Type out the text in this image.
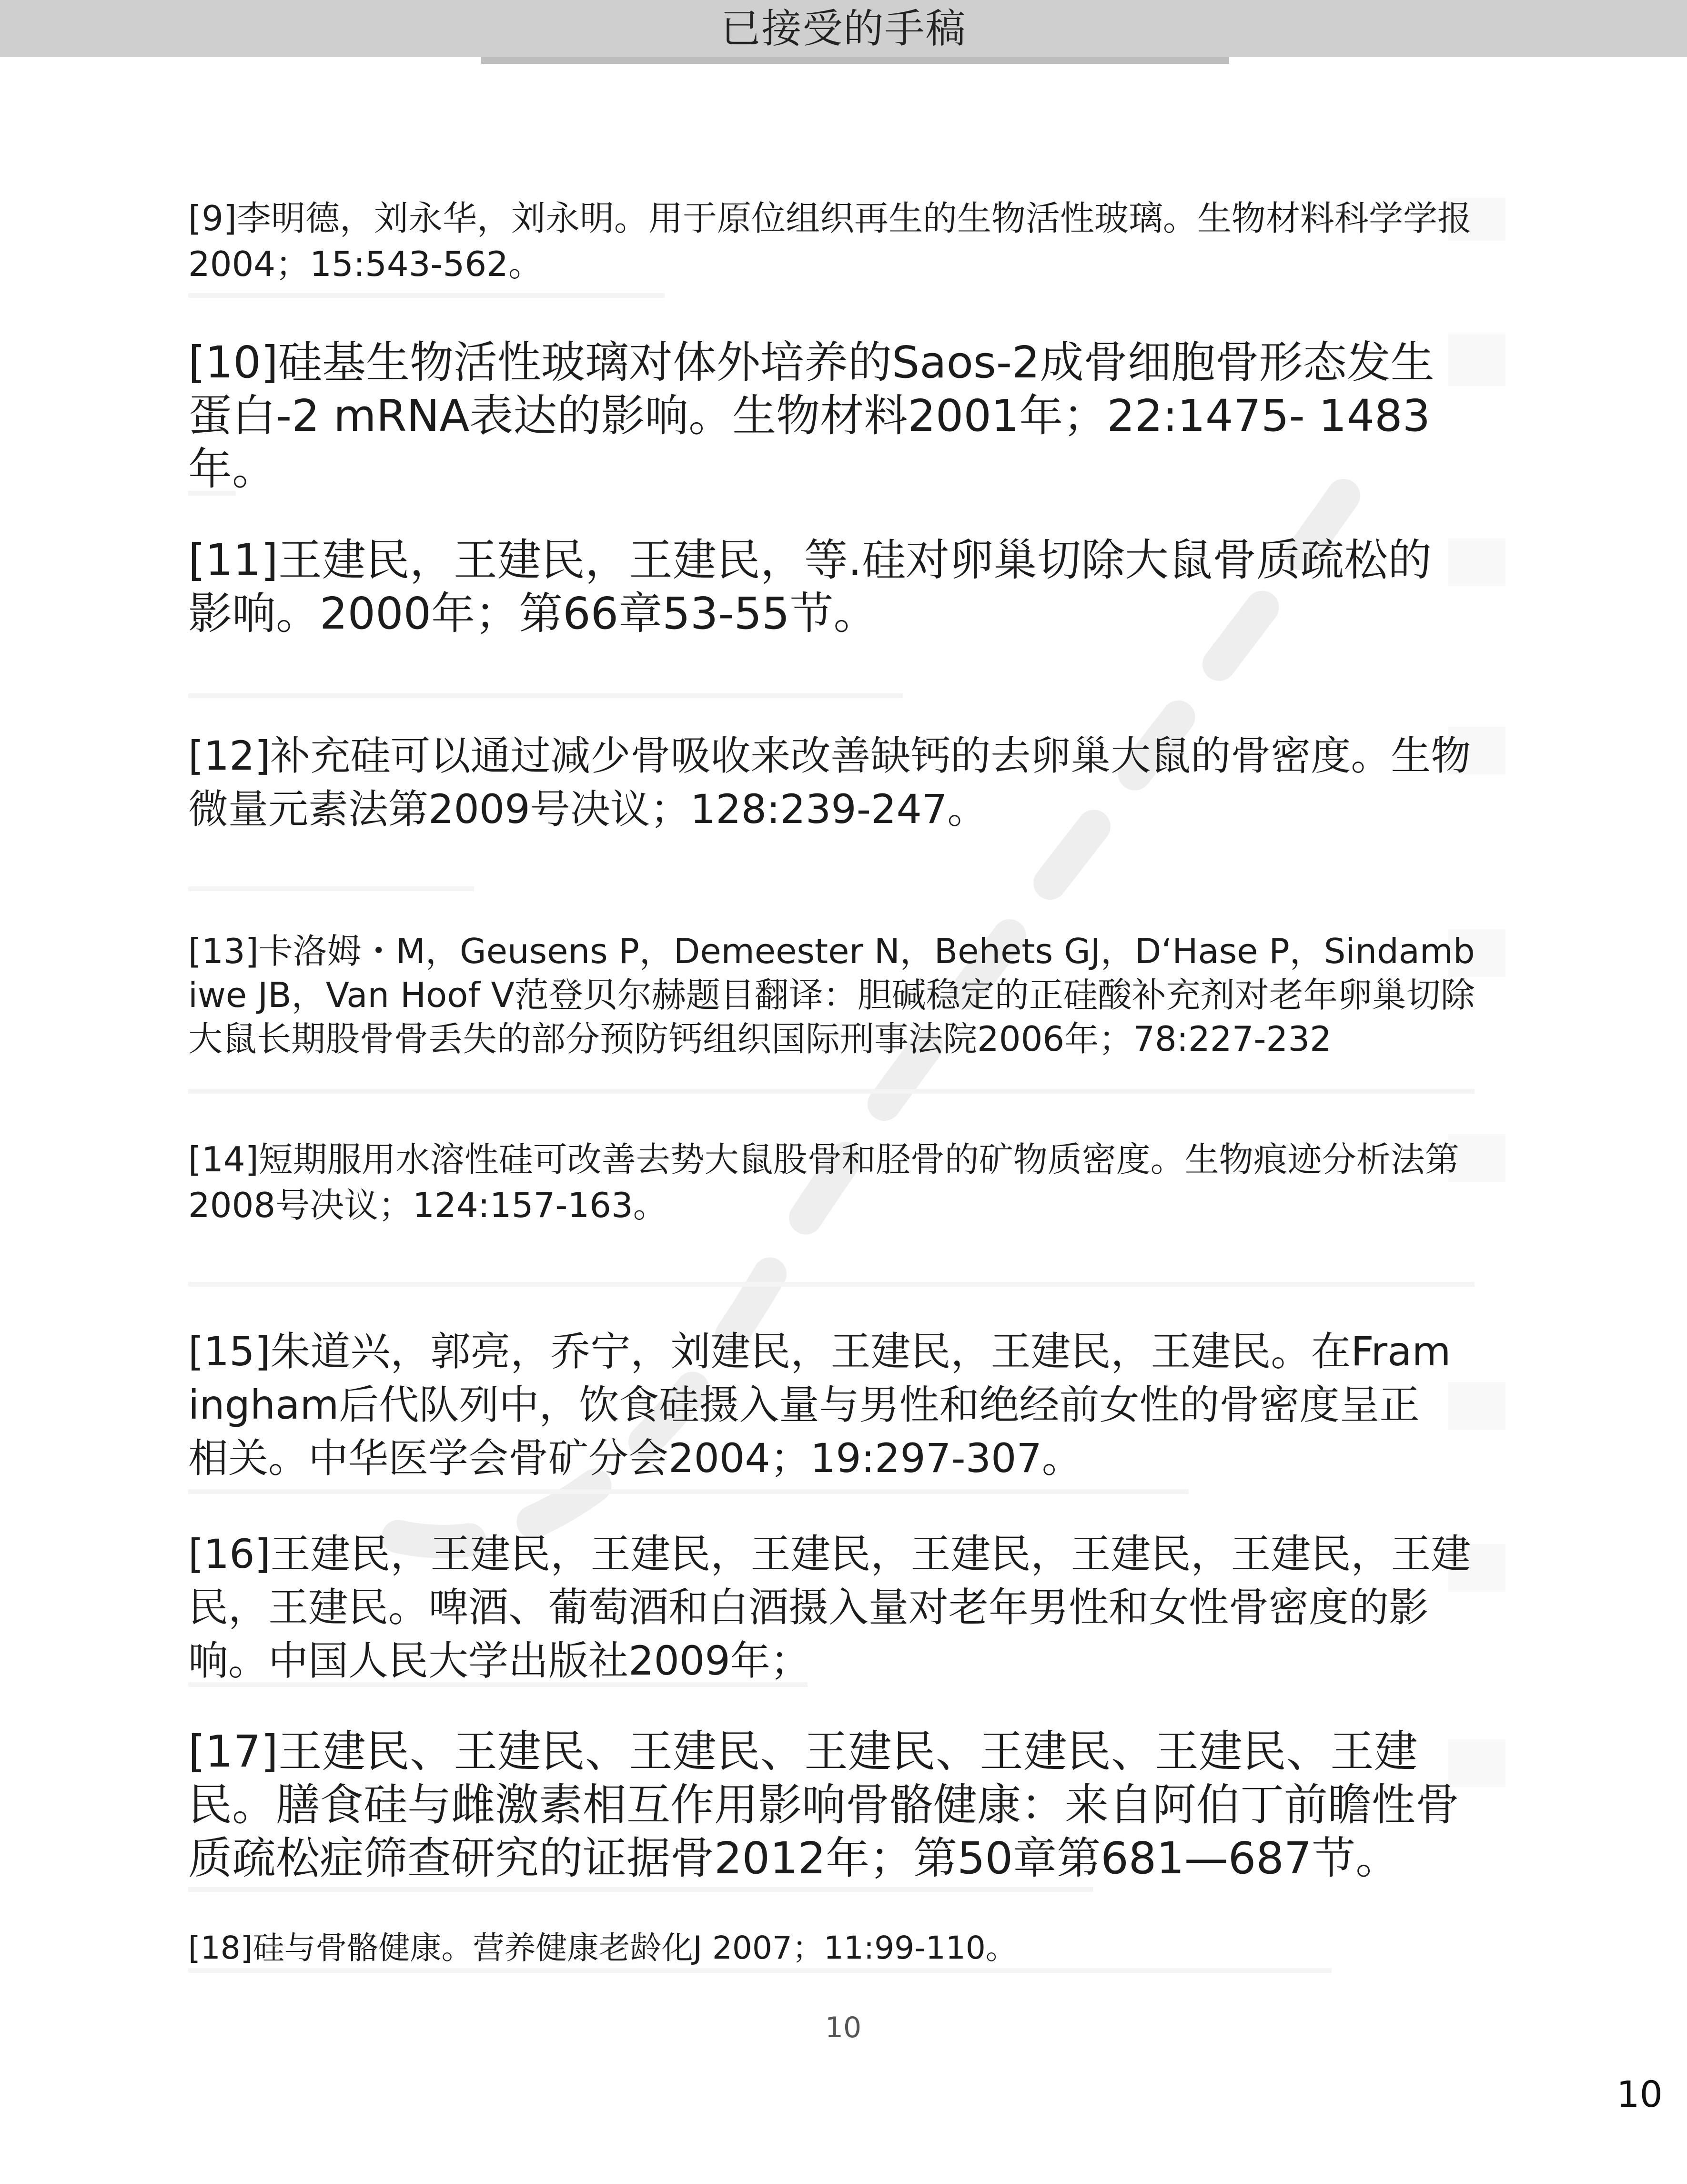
已接受的手稿

[9]李明德，刘永华，刘永明。用于原位组织再生的生物活性玻璃。生物材料科学学报2004；15:543-562。

[10]硅基生物活性玻璃对体外培养的Saos-2成骨细胞骨形态发生蛋白-2 mRNA表达的影响。生物材料2001年；22:1475- 1483年。

[11]王建民，王建民，王建民，等.硅对卵巢切除大鼠骨质疏松的影响。2000年；第66章53-55节。

[12]补充硅可以通过减少骨吸收来改善缺钙的去卵巢大鼠的骨密度。生物微量元素法第2009号决议；128:239-247。

[13]卡洛姆・M，Geusens P，Demeester N，Behets GJ，D‘Hase P，Sindambiwe JB，Van Hoof V范登贝尔赫题目翻译：胆碱稳定的正硅酸补充剂对老年卵巢切除大鼠长期股骨骨丢失的部分预防钙组织国际刑事法院2006年；78:227-232

[14]短期服用水溶性硅可改善去势大鼠股骨和胫骨的矿物质密度。生物痕迹分析法第2008号决议；124:157-163。

[15]朱道兴，郭亮，乔宁，刘建民，王建民，王建民，王建民。在Framingham后代队列中，饮食硅摄入量与男性和绝经前女性的骨密度呈正相关。中华医学会骨矿分会2004；19:297-307。

[16]王建民，王建民，王建民，王建民，王建民，王建民，王建民，王建民，王建民。啤酒、葡萄酒和白酒摄入量对老年男性和女性骨密度的影响。中国人民大学出版社2009年；

[17]王建民、王建民、王建民、王建民、王建民、王建民、王建民。膳食硅与雌激素相互作用影响骨骼健康：来自阿伯丁前瞻性骨质疏松症筛查研究的证据骨2012年；第50章第681—687节。

[18]硅与骨骼健康。营养健康老龄化J 2007；11:99-110。

10
10
